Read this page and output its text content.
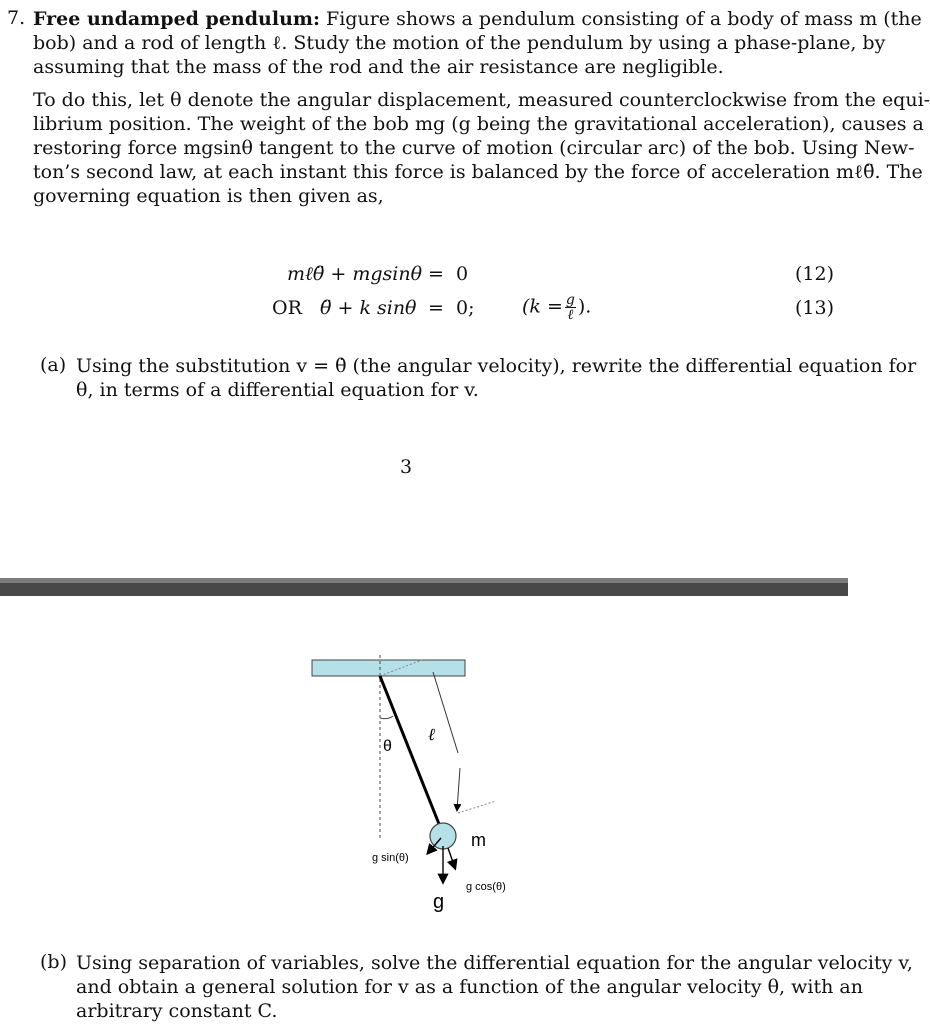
7. Free undamped pendulum: Figure shows a pendulum consisting of a body of mass m (the
bob) and a rod of length ℓ. Study the motion of the pendulum by using a phase-plane, by
assuming that the mass of the rod and the air resistance are negligible.
To do this, let θ denote the angular displacement, measured counterclockwise from the equi-
librium position. The weight of the bob mg (g being the gravitational acceleration), causes a
restoring force mgsinθ tangent to the curve of motion (circular arc) of the bob. Using New-
ton’s second law, at each instant this force is balanced by the force of acceleration mℓθ̈. The
governing equation is then given as,
mℓθ̈ + mgsinθ = 0	(12)
OR θ̈ + k sinθ = 0;	($k = \frac{g}{\text{ℓ}}$ ).	(13)
(a) Using the substitution v = θ̇ (the angular velocity), rewrite the differential equation for
θ, in terms of a differential equation for v.
3
θ
ℓ
m
g sin(θ)
g cos(θ)
g
(b) Using separation of variables, solve the differential equation for the angular velocity v,
and obtain a general solution for v as a function of the angular velocity θ, with an
arbitrary constant C.
